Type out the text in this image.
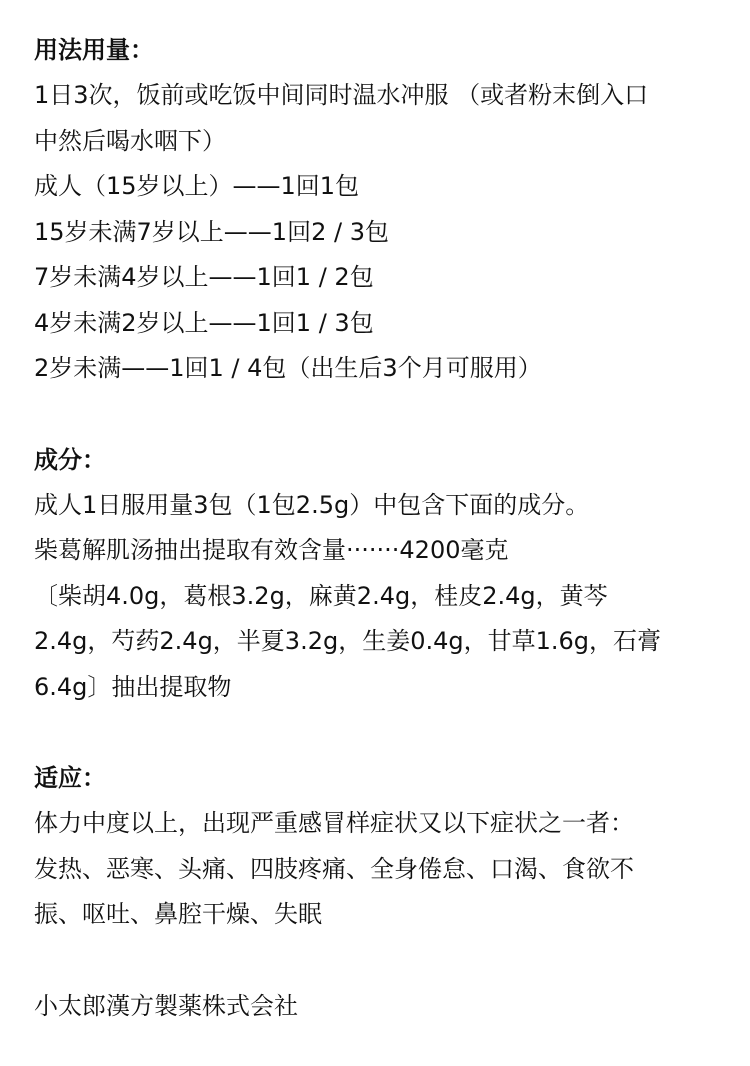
用法用量：

1日3次，饭前或吃饭中间同时温水冲服 （或者粉末倒入口

中然后喝水咽下）

成人（15岁以上）——1回1包

15岁未满7岁以上——1回2 / 3包

7岁未满4岁以上——1回1 / 2包

4岁未满2岁以上——1回1 / 3包

2岁未满——1回1 / 4包（出生后3个月可服用）

成分：

成人1日服用量3包（1包2.5g）中包含下面的成分。

柴葛解肌汤抽出提取有效含量·······4200毫克

〔柴胡4.0g，葛根3.2g，麻黄2.4g，桂皮2.4g，黄芩

2.4g，芍药2.4g，半夏3.2g，生姜0.4g，甘草1.6g，石膏

6.4g〕抽出提取物

适应：

体力中度以上，出现严重感冒样症状又以下症状之一者：

发热、恶寒、头痛、四肢疼痛、全身倦怠、口渴、食欲不

振、呕吐、鼻腔干燥、失眠

小太郎漢方製薬株式会社
